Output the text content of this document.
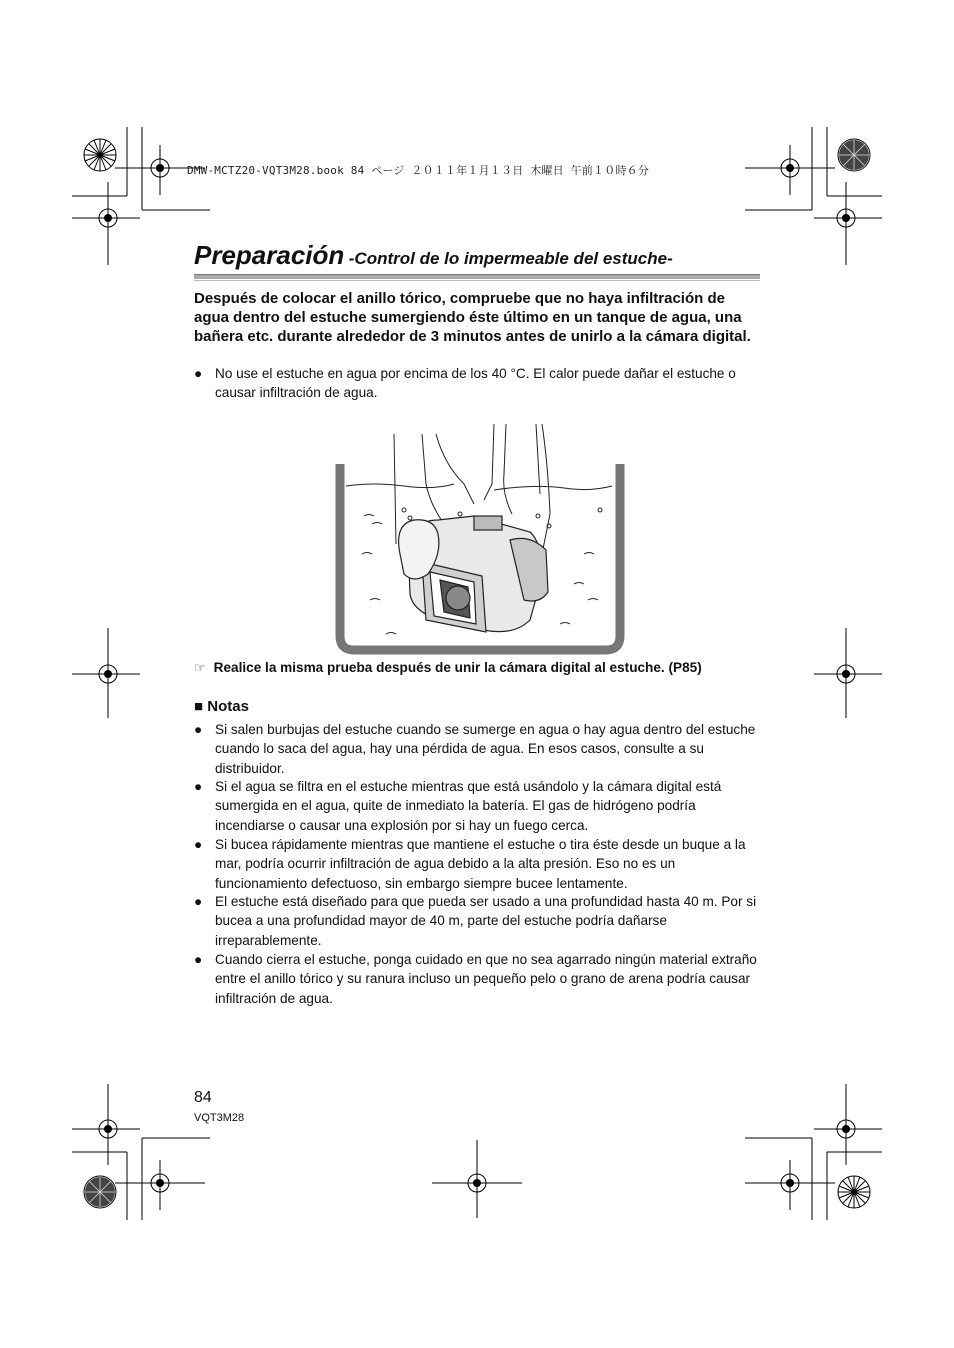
DMW-MCTZ20-VQT3M28.book 84 ページ ２０１１年１月１３日 木曜日 午前１０時６分
Preparación -Control de lo impermeable del estuche-
Después de colocar el anillo tórico, compruebe que no haya infiltración de agua dentro del estuche sumergiendo éste último en un tanque de agua, una bañera etc. durante alrededor de 3 minutos antes de unirlo a la cámara digital.
● No use el estuche en agua por encima de los 40 °C. El calor puede dañar el estuche o causar infiltración de agua.
☞ Realice la misma prueba después de unir la cámara digital al estuche. (P85)
■ Notas
● Si salen burbujas del estuche cuando se sumerge en agua o hay agua dentro del estuche cuando lo saca del agua, hay una pérdida de agua. En esos casos, consulte a su distribuidor.
● Si el agua se filtra en el estuche mientras que está usándolo y la cámara digital está sumergida en el agua, quite de inmediato la batería. El gas de hidrógeno podría incendiarse o causar una explosión por si hay un fuego cerca.
● Si bucea rápidamente mientras que mantiene el estuche o tira éste desde un buque a la mar, podría ocurrir infiltración de agua debido a la alta presión. Eso no es un funcionamiento defectuoso, sin embargo siempre bucee lentamente.
● El estuche está diseñado para que pueda ser usado a una profundidad hasta 40 m. Por si bucea a una profundidad mayor de 40 m, parte del estuche podría dañarse irreparablemente.
● Cuando cierra el estuche, ponga cuidado en que no sea agarrado ningún material extraño entre el anillo tórico y su ranura incluso un pequeño pelo o grano de arena podría causar infiltración de agua.
84
VQT3M28
